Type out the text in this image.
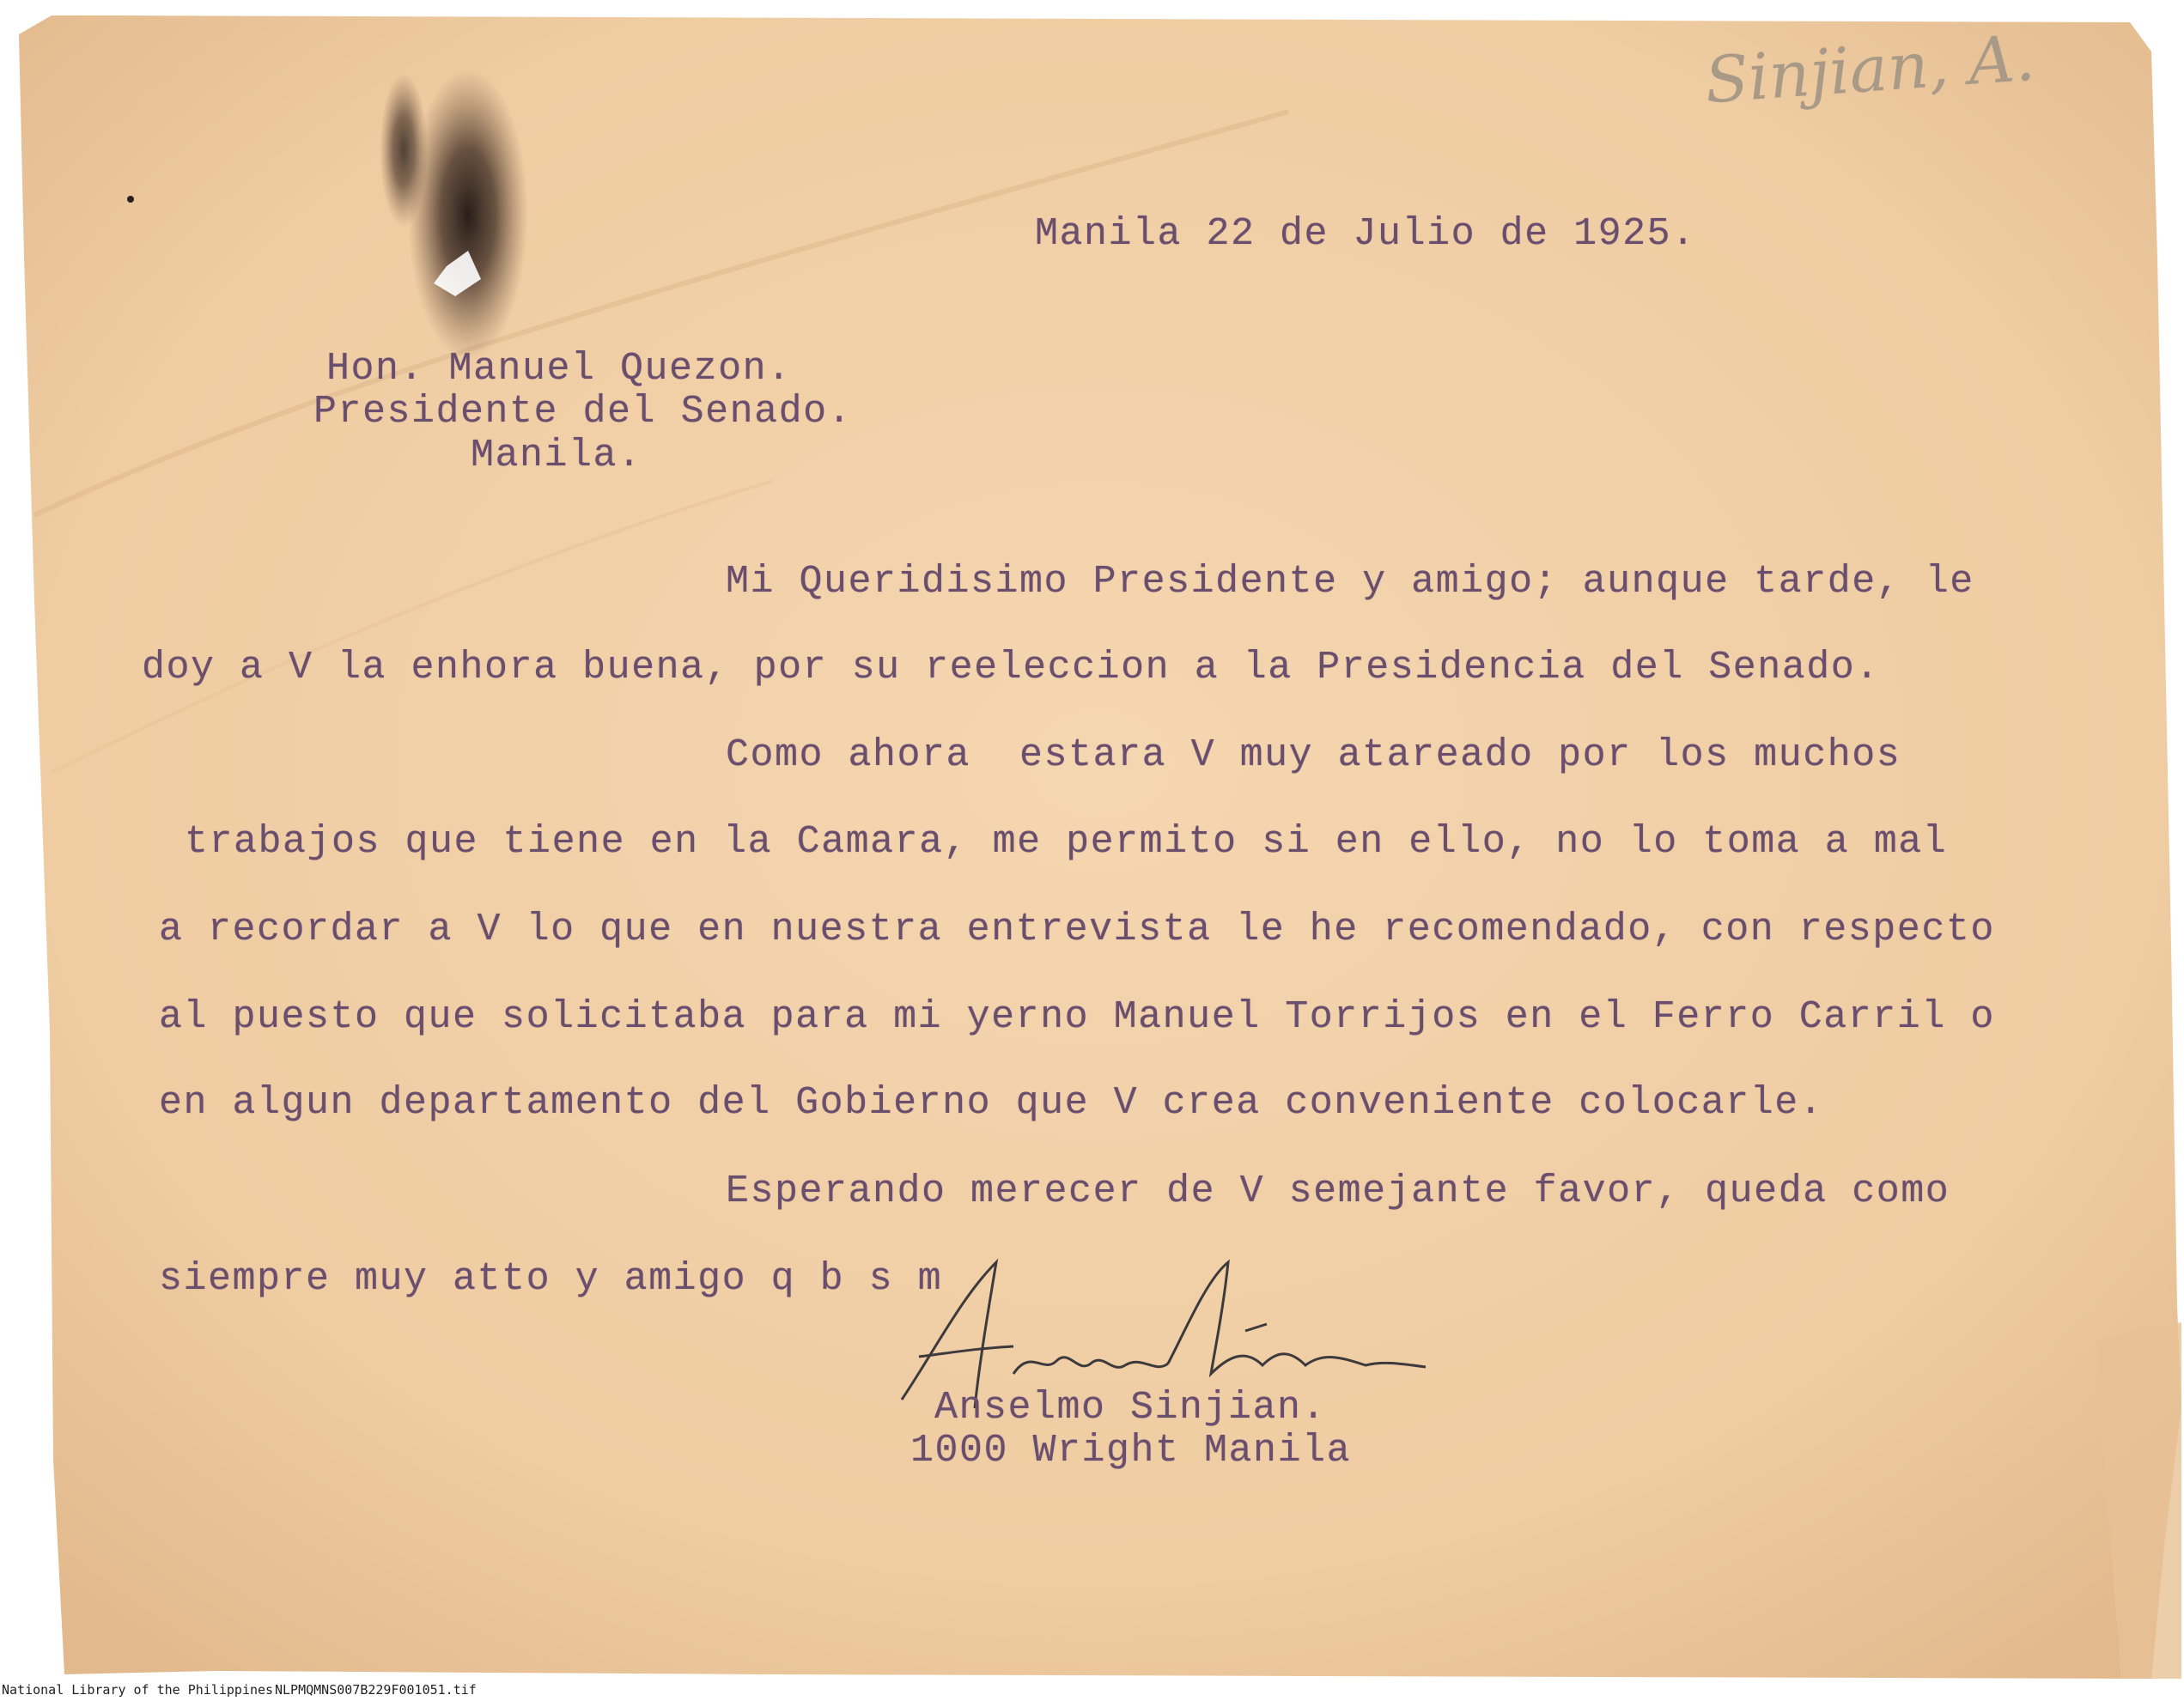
Sinjian, A.

Manila 22 de Julio de 1925.

Hon. Manuel Quezon.

Presidente del Senado.

Manila.

Mi Queridisimo Presidente y amigo; aunque tarde, le

doy a V la enhora buena, por su reeleccion a la Presidencia del Senado.

Como ahora  estara V muy atareado por los muchos

trabajos que tiene en la Camara, me permito si en ello, no lo toma a mal

a recordar a V lo que en nuestra entrevista le he recomendado, con respecto

al puesto que solicitaba para mi yerno Manuel Torrijos en el Ferro Carril o

en algun departamento del Gobierno que V crea conveniente colocarle.

Esperando merecer de V semejante favor, queda como

siempre muy atto y amigo q b s m

Anselmo Sinjian.

1000 Wright Manila

National Library of the Philippines NLPMQMNS007B229F001051.tif
